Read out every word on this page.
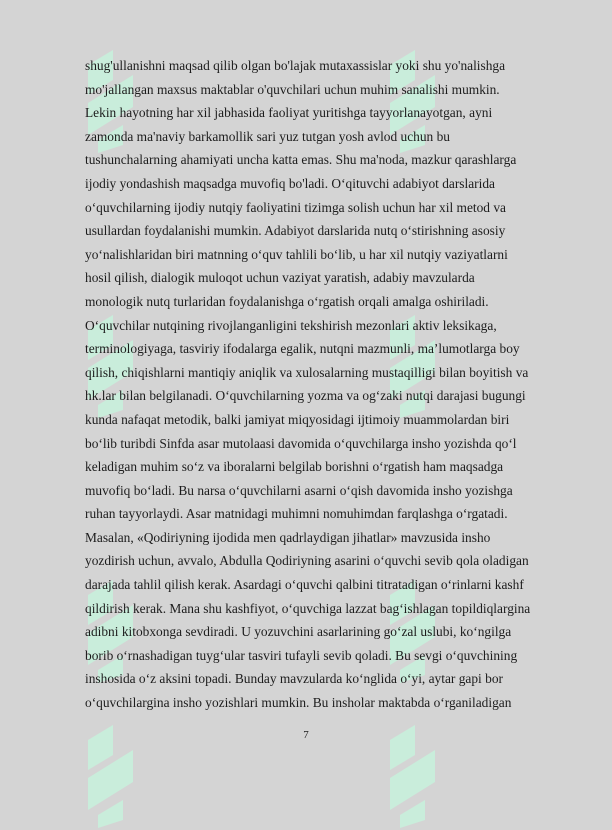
shug'ullanishni maqsad qilib olgan bo'lajak mutaxassislar yoki shu yo'nalishga
mo'jallangan maxsus maktablar o'quvchilari uchun muhim sanalishi mumkin.
Lekin hayotning har xil jabhasida faoliyat yuritishga tayyorlanayotgan, ayni
zamonda ma'naviy barkamollik sari yuz tutgan yosh avlod uchun bu
tushunchalarning ahamiyati uncha katta emas. Shu ma'noda, mazkur qarashlarga
ijodiy yondashish maqsadga muvofiq bo'ladi. O‘qituvchi adabiyot darslarida
o‘quvchilarning ijodiy nutqiy faoliyatini tizimga solish uchun har xil metod va
usullardan foydalanishi mumkin. Adabiyot darslarida nutq o‘stirishning asosiy
yo‘nalishlaridan biri matnning o‘quv tahlili bo‘lib, u har xil nutqiy vaziyatlarni
hosil qilish, dialogik muloqot uchun vaziyat yaratish, adabiy mavzularda
monologik nutq turlaridan foydalanishga o‘rgatish orqali amalga oshiriladi.
O‘quvchilar nutqining rivojlanganligini tekshirish mezonlari aktiv leksikaga,
terminologiyaga, tasviriy ifodalarga egalik, nutqni mazmunli, ma’lumotlarga boy
qilish, chiqishlarni mantiqiy aniqlik va xulosalarning mustaqilligi bilan boyitish va
hk.lar bilan belgilanadi. O‘quvchilarning yozma va og‘zaki nutqi darajasi bugungi
kunda nafaqat metodik, balki jamiyat miqyosidagi ijtimoiy muammolardan biri
bo‘lib turibdi Sinfda asar mutolaasi davomida o‘quvchilarga insho yozishda qo‘l
keladigan muhim so‘z va iboralarni belgilab borishni o‘rgatish ham maqsadga
muvofiq bo‘ladi. Bu narsa o‘quvchilarni asarni o‘qish davomida insho yozishga
ruhan tayyorlaydi. Asar matnidagi muhimni nomuhimdan farqlashga o‘rgatadi.
Masalan, «Qodiriyning ijodida men qadrlaydigan jihatlar» mavzusida insho
yozdirish uchun, avvalo, Abdulla Qodiriyning asarini o‘quvchi sevib qola oladigan
darajada tahlil qilish kerak. Asardagi o‘quvchi qalbini titratadigan o‘rinlarni kashf
qildirish kerak. Mana shu kashfiyot, o‘quvchiga lazzat bag‘ishlagan topildiqlargina
adibni kitobxonga sevdiradi. U yozuvchini asarlarining go‘zal uslubi, ko‘ngilga
borib o‘rnashadigan tuyg‘ular tasviri tufayli sevib qoladi. Bu sevgi o‘quvchining
inshosida o‘z aksini topadi. Bunday mavzularda ko‘nglida o‘yi, aytar gapi bor
o‘quvchilargina insho yozishlari mumkin. Bu insholar maktabda o‘rganiladigan
7
